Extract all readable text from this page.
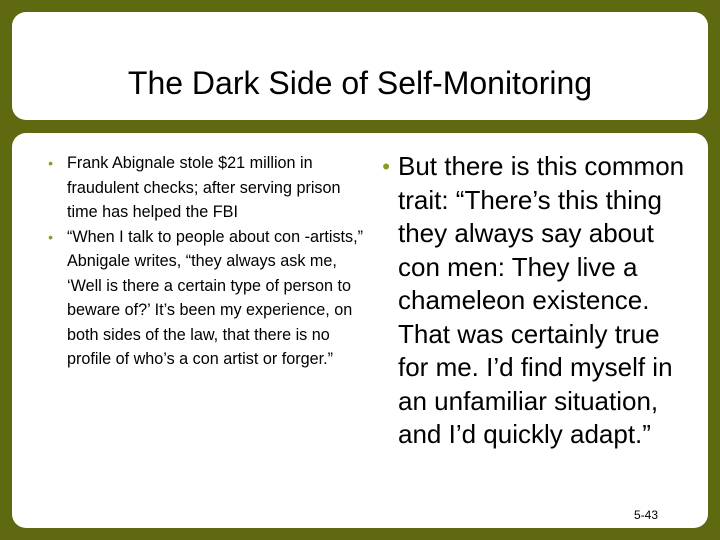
The Dark Side of Self-Monitoring
• Frank Abignale stole $21 million in fraudulent checks; after serving prison time has helped the FBI
• “When I talk to people about con -artists,” Abnigale writes, “they always ask me, ‘Well is there a certain type of person to beware of?’ It’s been my experience, on both sides of the law, that there is no profile of who’s a con artist or forger.”
• But there is this common trait: “There’s this thing they always say about con men: They live a chameleon existence. That was certainly true for me. I’d find myself in an unfamiliar situation, and I’d quickly adapt.”
5-43
